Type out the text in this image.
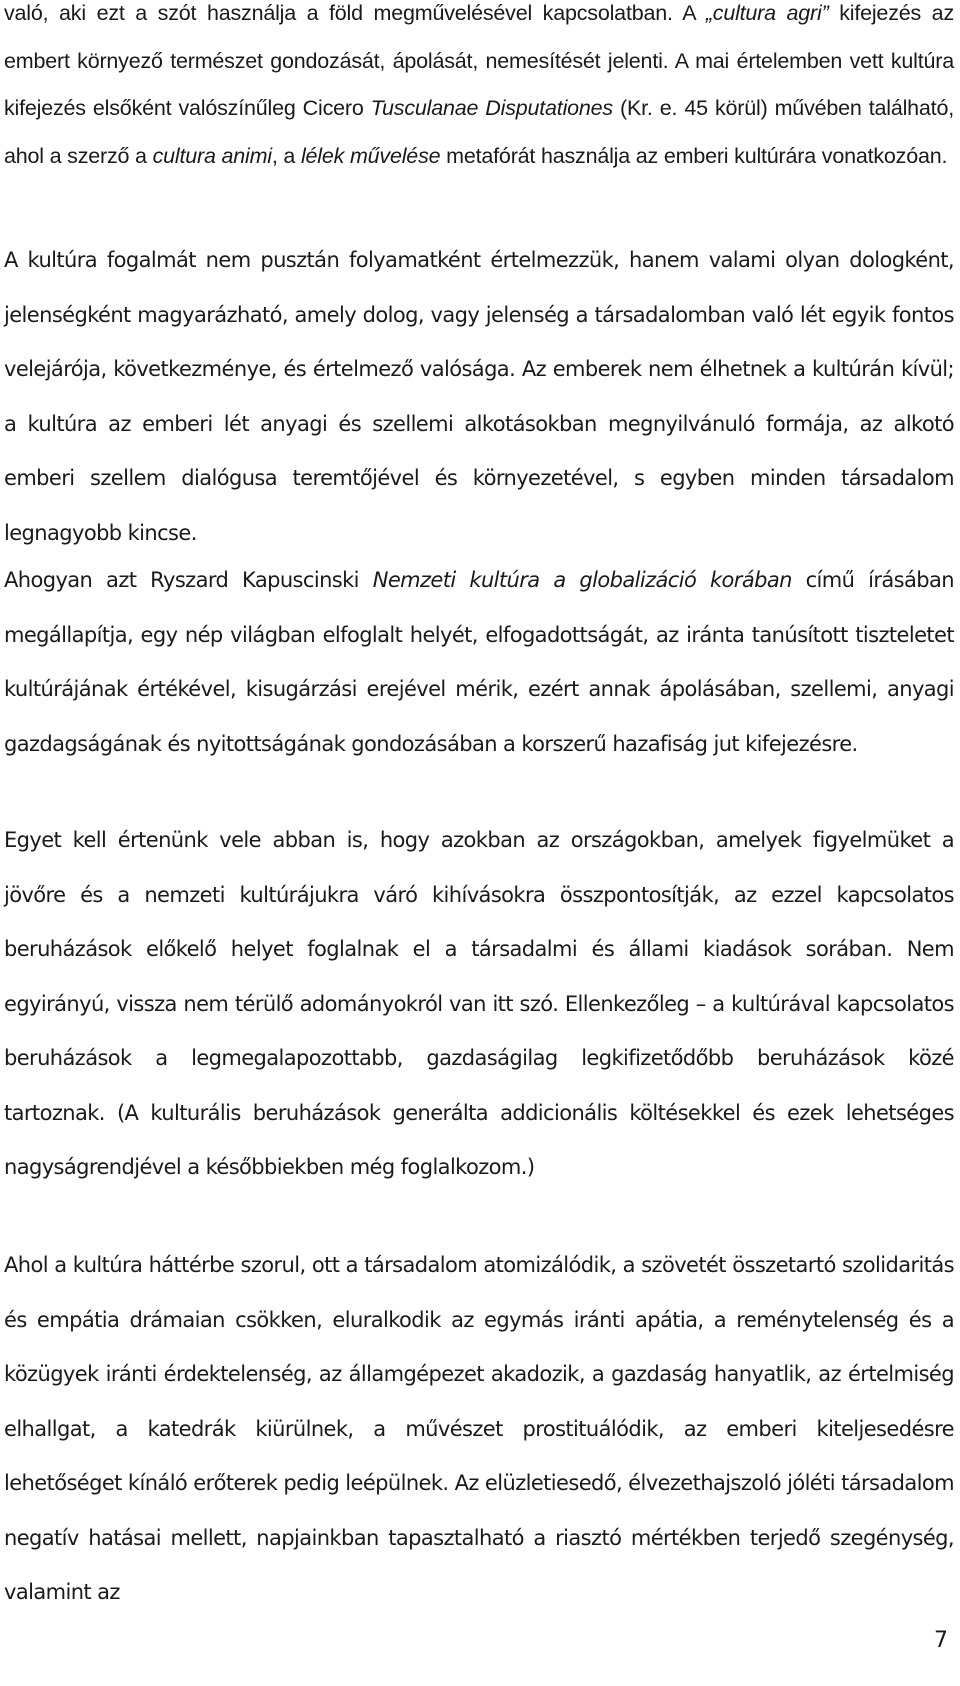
való, aki ezt a szót használja a föld megművelésével kapcsolatban. A „cultura agri” kifejezés az embert környező természet gondozását, ápolását, nemesítését jelenti. A mai értelemben vett kultúra kifejezés elsőként valószínűleg Cicero Tusculanae Disputationes (Kr. e. 45 körül) művében található, ahol a szerző a cultura animi, a lélek művelése metafórát használja az emberi kultúrára vonatkozóan.

A kultúra fogalmát nem pusztán folyamatként értelmezzük, hanem valami olyan dologként, jelenségként magyarázható, amely dolog, vagy jelenség a társadalomban való lét egyik fontos velejárója, következménye, és értelmező valósága. Az emberek nem élhetnek a kultúrán kívül; a kultúra az emberi lét anyagi és szellemi alkotásokban megnyilvánuló formája, az alkotó emberi szellem dialógusa teremtőjével és környezetével, s egyben minden társadalom legnagyobb kincse.

Ahogyan azt Ryszard Kapuscinski Nemzeti kultúra a globalizáció korában című írásában megállapítja, egy nép világban elfoglalt helyét, elfogadottságát, az iránta tanúsított tiszteletet kultúrájának értékével, kisugárzási erejével mérik, ezért annak ápolásában, szellemi, anyagi gazdagságának és nyitottságának gondozásában a korszerű hazafiság jut kifejezésre.

Egyet kell értenünk vele abban is, hogy azokban az országokban, amelyek figyelmüket a jövőre és a nemzeti kultúrájukra váró kihívásokra összpontosítják, az ezzel kapcsolatos beruházások előkelő helyet foglalnak el a társadalmi és állami kiadások sorában. Nem egyirányú, vissza nem térülő adományokról van itt szó. Ellenkezőleg – a kultúrával kapcsolatos beruházások a legmegalapozottabb, gazdaságilag legkifizetődőbb beruházások közé tartoznak. (A kulturális beruházások generálta addicionális költésekkel és ezek lehetséges nagyságrendjével a későbbiekben még foglalkozom.)

Ahol a kultúra háttérbe szorul, ott a társadalom atomizálódik, a szövetét összetartó szolidaritás és empátia drámaian csökken, eluralkodik az egymás iránti apátia, a reménytelenség és a közügyek iránti érdektelenség, az államgépezet akadozik, a gazdaság hanyatlik, az értelmiség elhallgat, a katedrák kiürülnek, a művészet prostituálódik, az emberi kiteljesedésre lehetőséget kínáló erőterek pedig leépülnek. Az elüzletiesedő, élvezethajszoló jóléti társadalom negatív hatásai mellett, napjainkban tapasztalható a riasztó mértékben terjedő szegénység, valamint az

7
